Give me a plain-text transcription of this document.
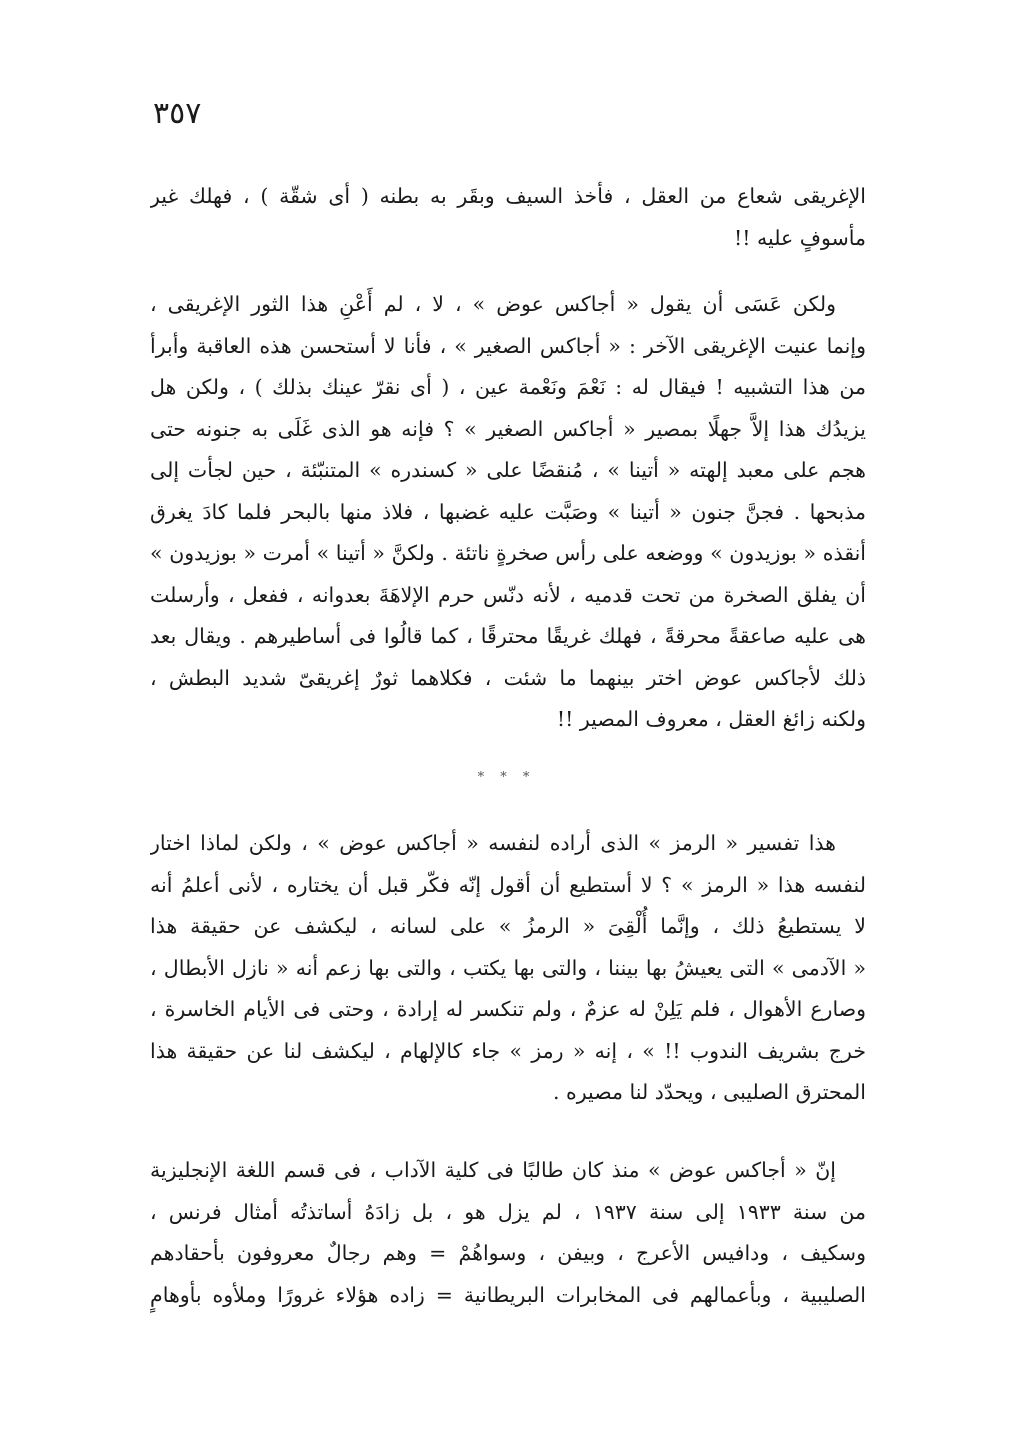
٣٥٧
الإغريقى شعاع من العقل ، فأخذ السيف وبقَر به بطنه ( أى شقّة ) ، فهلك غير
مأسوفٍ عليه !!
ولكن عَسَى أن يقول « أجاكس عوض » ، لا ، لم أَعْنِ هذا الثور الإغريقى ،
وإنما عنيت الإغريقى الآخر : « أجاكس الصغير » ، فأنا لا أستحسن هذه العاقبة وأبرأ
من هذا التشبيه ! فيقال له : نَعْمَ ونَعْمة عين ، ( أى نقرّ عينك بذلك ) ، ولكن هل
يزيدُك هذا إلاَّ جهلًا بمصير « أجاكس الصغير » ؟ فإنه هو الذى غَلَى به جنونه حتى
هجم على معبد إلهته « أتينا » ، مُنقضًا على « كسندره » المتنبّئة ، حين لجأت إلى
مذبحها . فجنَّ جنون « أتينا » وصَبَّت عليه غضبها ، فلاذ منها بالبحر فلما كادَ يغرق
أنقذه « بوزيدون » ووضعه على رأس صخرةٍ ناتئة . ولكنَّ « أتينا » أمرت « بوزيدون »
أن يفلق الصخرة من تحت قدميه ، لأنه دنّس حرم الإلاهَةَ بعدوانه ، ففعل ، وأرسلت
هى عليه صاعقةً محرقةً ، فهلك غريقًا محترقًا ، كما قالُوا فى أساطيرهم . ويقال بعد
ذلك لأجاكس عوض اختر بينهما ما شئت ، فكلاهما ثورٌ إغريقىّ شديد البطش ،
ولكنه زائغ العقل ، معروف المصير !!
* * *
هذا تفسير « الرمز » الذى أراده لنفسه « أجاكس عوض » ، ولكن لماذا اختار
لنفسه هذا « الرمز » ؟ لا أستطيع أن أقول إنّه فكّر قبل أن يختاره ، لأنى أعلمُ أنه
لا يستطيعُ ذلك ، وإنَّما أُلْقِىَ « الرمزُ » على لسانه ، ليكشف عن حقيقة هذا
« الآدمى » التى يعيشُ بها بيننا ، والتى بها يكتب ، والتى بها زعم أنه « نازل الأبطال ،
وصارع الأهوال ، فلم يَلِنْ له عزمٌ ، ولم تنكسر له إرادة ، وحتى فى الأيام الخاسرة ،
خرج بشريف الندوب !! » ، إنه « رمز » جاء كالإلهام ، ليكشف لنا عن حقيقة هذا
المحترق الصليبى ، ويحدّد لنا مصيره .
إنّ « أجاكس عوض » منذ كان طالبًا فى كلية الآداب ، فى قسم اللغة الإنجليزية
من سنة ١٩٣٣ إلى سنة ١٩٣٧ ، لم يزل هو ، بل زادَهُ أساتذتُه أمثال فرنس ،
وسكيف ، ودافيس الأعرج ، وبيفن ، وسواهُمْ = وهم رجالٌ معروفون بأحقادهم
الصليبية ، وبأعمالهم فى المخابرات البريطانية = زاده هؤلاء غرورًا وملأوه بأوهامٍ
